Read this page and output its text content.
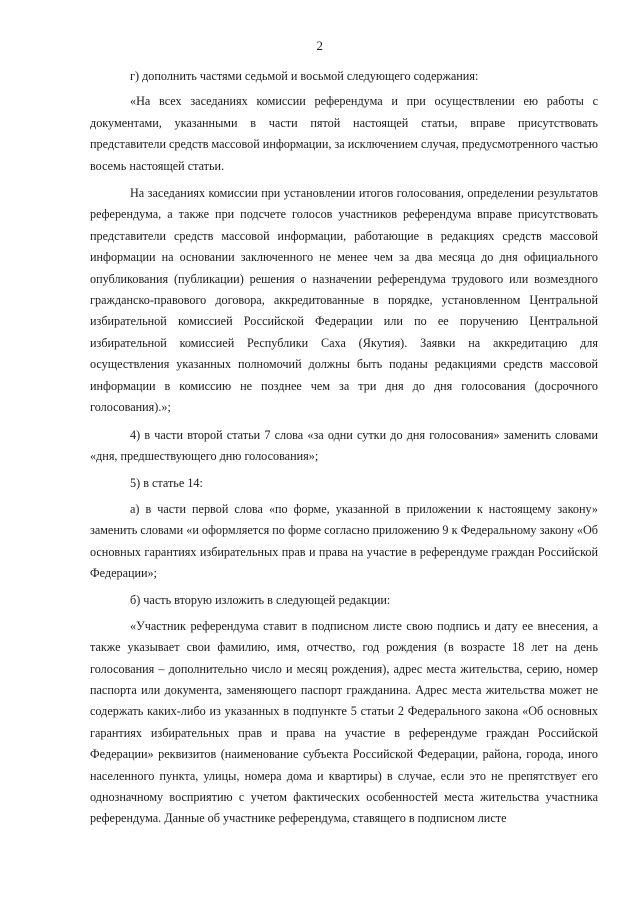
2

г) дополнить частями седьмой и восьмой следующего содержания:

«На всех заседаниях комиссии референдума и при осуществлении ею работы с документами, указанными в части пятой настоящей статьи, вправе присутствовать представители средств массовой информации, за исключением случая, предусмотренного частью восемь настоящей статьи.

На заседаниях комиссии при установлении итогов голосования, определении результатов референдума, а также при подсчете голосов участников референдума вправе присутствовать представители средств массовой информации, работающие в редакциях средств массовой информации на основании заключенного не менее чем за два месяца до дня официального опубликования (публикации) решения о назначении референдума трудового или возмездного гражданско-правового договора, аккредитованные в порядке, установленном Центральной избирательной комиссией Российской Федерации или по ее поручению Центральной избирательной комиссией Республики Саха (Якутия). Заявки на аккредитацию для осуществления указанных полномочий должны быть поданы редакциями средств массовой информации в комиссию не позднее чем за три дня до дня голосования (досрочного голосования).»;

4) в части второй статьи 7 слова «за одни сутки до дня голосования» заменить словами «дня, предшествующего дню голосования»;

5) в статье 14:

а) в части первой слова «по форме, указанной в приложении к настоящему закону» заменить словами «и оформляется по форме согласно приложению 9 к Федеральному закону «Об основных гарантиях избирательных прав и права на участие в референдуме граждан Российской Федерации»;

б) часть вторую изложить в следующей редакции:

«Участник референдума ставит в подписном листе свою подпись и дату ее внесения, а также указывает свои фамилию, имя, отчество, год рождения (в возрасте 18 лет на день голосования – дополнительно число и месяц рождения), адрес места жительства, серию, номер паспорта или документа, заменяющего паспорт гражданина. Адрес места жительства может не содержать каких-либо из указанных в подпункте 5 статьи 2 Федерального закона «Об основных гарантиях избирательных прав и права на участие в референдуме граждан Российской Федерации» реквизитов (наименование субъекта Российской Федерации, района, города, иного населенного пункта, улицы, номера дома и квартиры) в случае, если это не препятствует его однозначному восприятию с учетом фактических особенностей места жительства участника референдума. Данные об участнике референдума, ставящего в подписном листе
